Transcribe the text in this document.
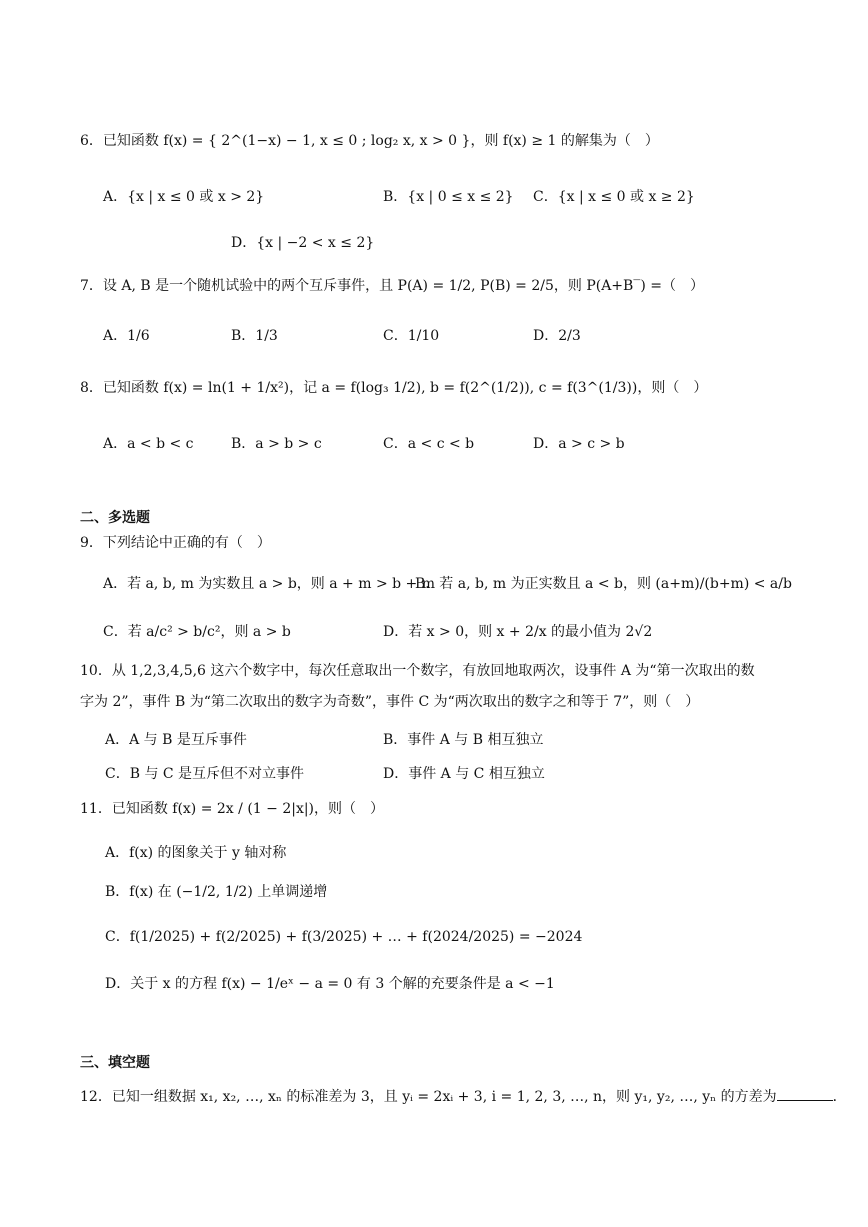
6．已知函数 f(x) = { 2^(1−x) − 1, x ≤ 0 ; log₂ x, x > 0 }，则 f(x) ≥ 1 的解集为（　）
A．{x | x ≤ 0 或 x > 2}	B．{x | 0 ≤ x ≤ 2} C．{x | x ≤ 0 或 x ≥ 2}
D．{x | −2 < x ≤ 2}
7．设 A, B 是一个随机试验中的两个互斥事件，且 P(A) = 1/2, P(B) = 2/5，则 P(A+B‾) =（　）
A．1/6	B．1/3	C．1/10	D．2/3
8．已知函数 f(x) = ln(1 + 1/x²)，记 a = f(log₃ 1/2), b = f(2^(1/2)), c = f(3^(1/3))，则（　）
A．a < b < c	B．a > b > c	C．a < c < b	D．a > c > b
二、多选题
9．下列结论中正确的有（　）
A．若 a, b, m 为实数且 a > b，则 a + m > b + m
B．若 a, b, m 为正实数且 a < b，则 (a+m)/(b+m) < a/b
C．若 a/c² > b/c²，则 a > b	D．若 x > 0，则 x + 2/x 的最小值为 2√2
10．从 1,2,3,4,5,6 这六个数字中，每次任意取出一个数字，有放回地取两次，设事件 A 为“第一次取出的数
字为 2”，事件 B 为“第二次取出的数字为奇数”，事件 C 为“两次取出的数字之和等于 7”，则（　）
A．A 与 B 是互斥事件	B．事件 A 与 B 相互独立
C．B 与 C 是互斥但不对立事件	D．事件 A 与 C 相互独立
11．已知函数 f(x) = 2x / (1 − 2|x|)，则（　）
A．f(x) 的图象关于 y 轴对称
B．f(x) 在 (−1/2, 1/2) 上单调递增
C．f(1/2025) + f(2/2025) + f(3/2025) + … + f(2024/2025) = −2024
D．关于 x 的方程 f(x) − 1/eˣ − a = 0 有 3 个解的充要条件是 a < −1
三、填空题
12．已知一组数据 x₁, x₂, …, xₙ 的标准差为 3，且 yᵢ = 2xᵢ + 3, i = 1, 2, 3, …, n，则 y₁, y₂, …, yₙ 的方差为	．
